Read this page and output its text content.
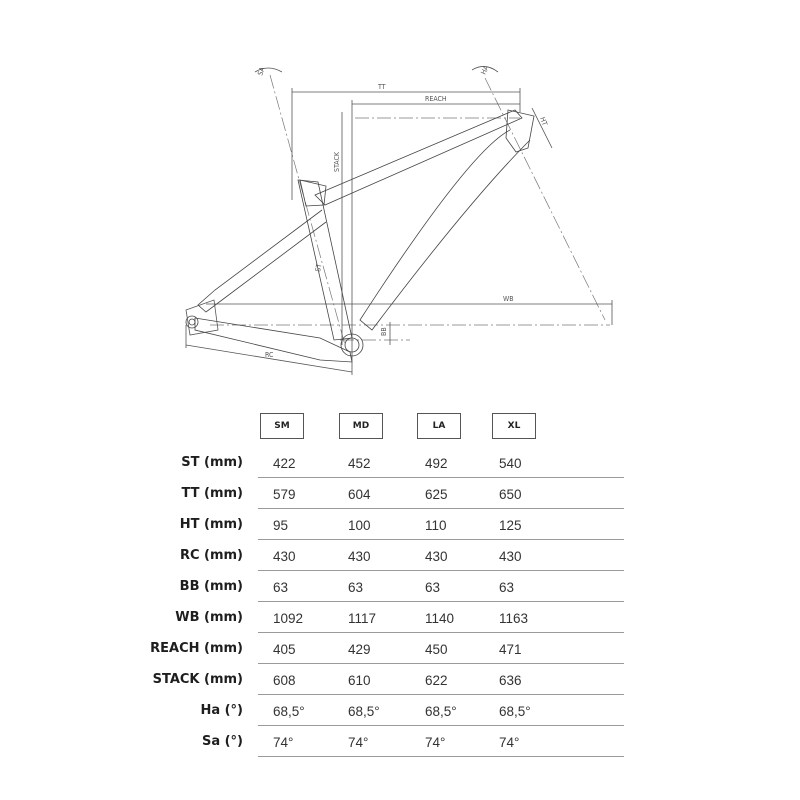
SA	HA
TT
REACH
HT
STACK
ST
WB
BB
RC
SM	MD	LA	XL
ST (mm) 422	452	492	540
TT (mm) 579	604	625	650
HT (mm) 95	100	110	125
RC (mm) 430	430	430	430
BB (mm) 63	63	63	63
WB (mm) 1092	1117	1140	1163
REACH (mm) 405	429	450	471
STACK (mm) 608	610	622	636
Ha (°) 68,5°	68,5°	68,5°	68,5°
Sa (°) 74°	74°	74°	74°
